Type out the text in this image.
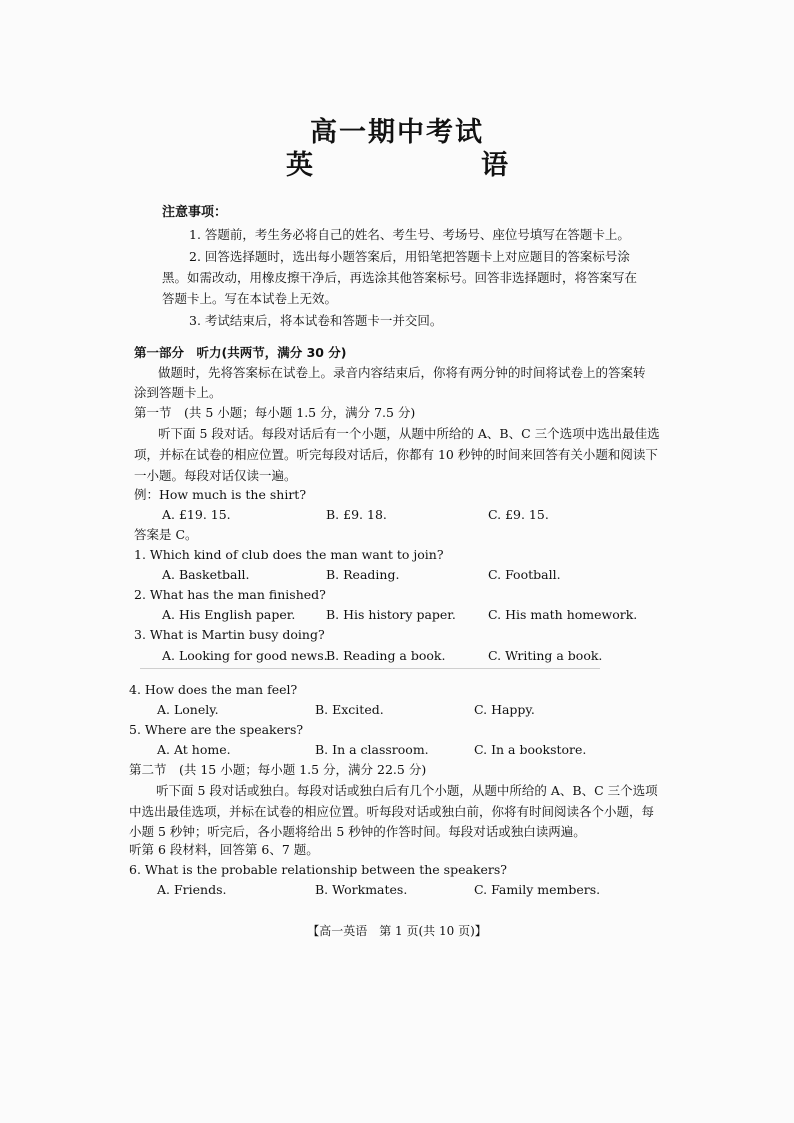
高一期中考试
英　　语
注意事项：
1. 答题前，考生务必将自己的姓名、考生号、考场号、座位号填写在答题卡上。
2. 回答选择题时，选出每小题答案后，用铅笔把答题卡上对应题目的答案标号涂
黑。如需改动，用橡皮擦干净后，再选涂其他答案标号。回答非选择题时，将答案写在
答题卡上。写在本试卷上无效。
3. 考试结束后，将本试卷和答题卡一并交回。
第一部分　听力(共两节，满分 30 分)
做题时，先将答案标在试卷上。录音内容结束后，你将有两分钟的时间将试卷上的答案转
涂到答题卡上。
第一节　(共 5 小题；每小题 1.5 分，满分 7.5 分)
听下面 5 段对话。每段对话后有一个小题，从题中所给的 A、B、C 三个选项中选出最佳选
项，并标在试卷的相应位置。听完每段对话后，你都有 10 秒钟的时间来回答有关小题和阅读下
一小题。每段对话仅读一遍。
例：How much is the shirt?
A. £19. 15.	B. £9. 18.	C. £9. 15.
答案是 C。
1. Which kind of club does the man want to join?
A. Basketball.	B. Reading.	C. Football.
2. What has the man finished?
A. His English paper. B. His history paper.	C. His math homework.
3. What is Martin busy doing?
A. Looking for good news.
B. Reading a book.	C. Writing a book.
4. How does the man feel?
A. Lonely.	B. Excited.	C. Happy.
5. Where are the speakers?
A. At home.	B. In a classroom.	C. In a bookstore.
第二节　(共 15 小题；每小题 1.5 分，满分 22.5 分)
听下面 5 段对话或独白。每段对话或独白后有几个小题，从题中所给的 A、B、C 三个选项
中选出最佳选项，并标在试卷的相应位置。听每段对话或独白前，你将有时间阅读各个小题，每
小题 5 秒钟；听完后，各小题将给出 5 秒钟的作答时间。每段对话或独白读两遍。
听第 6 段材料，回答第 6、7 题。
6. What is the probable relationship between the speakers?
A. Friends.	B. Workmates.	C. Family members.
【高一英语　第 1 页(共 10 页)】
